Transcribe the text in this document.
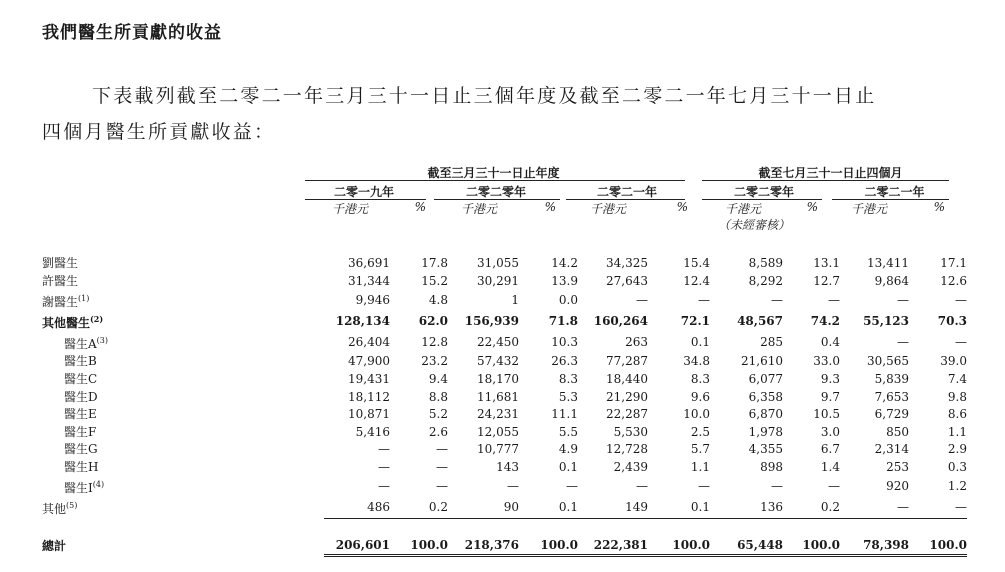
我們醫生所貢獻的收益
下表載列截至二零二一年三月三十一日止三個年度及截至二零二一年七月三十一日止
四個月醫生所貢獻收益：
截至三月三十一日止年度	截至七月三十一日止四個月
二零一九年	二零二零年	二零二一年	二零二零年	二零二一年
千港元	%	千港元	%	千港元	%	千港元	%	千港元	%
（未經審核）
劉醫生	36,691	17.8	31,055	14.2	34,325	15.4	8,589	13.1	13,411	17.1
許醫生	31,344	15.2	30,291	13.9	27,643	12.4	8,292	12.7	9,864	12.6
謝醫生$^{(1)}$	9,946	4.8	1	0.0	—	—	—	—	—	—
其他醫生$^{(2)}$	128,134	62.0	156,939	71.8	160,264	72.1	48,567	74.2	55,123	70.3
醫生$A^{(3)}$	26,404	12.8	22,450	10.3	263	0.1	285	0.4	—	—
醫生B	47,900	23.2	57,432	26.3	77,287	34.8	21,610	33.0	30,565	39.0
醫生C	19,431	9.4	18,170	8.3	18,440	8.3	6,077	9.3	5,839	7.4
醫生D	18,112	8.8	11,681	5.3	21,290	9.6	6,358	9.7	7,653	9.8
醫生E	10,871	5.2	24,231	11.1	22,287	10.0	6,870	10.5	6,729	8.6
醫生F	5,416	2.6	12,055	5.5	5,530	2.5	1,978	3.0	850	1.1
醫生G	—	—	10,777	4.9	12,728	5.7	4,355	6.7	2,314	2.9
醫生H	—	—	143	0.1	2,439	1.1	898	1.4	253	0.3
醫生$I^{(4)}$	—	—	—	—	—	—	—	—	920	1.2
其他$^{(5)}$	486	0.2	90	0.1	149	0.1	136	0.2	—	—

總計	206,601	100.0	218,376	100.0	222,381	100.0	65,448	100.0	78,398	100.0
